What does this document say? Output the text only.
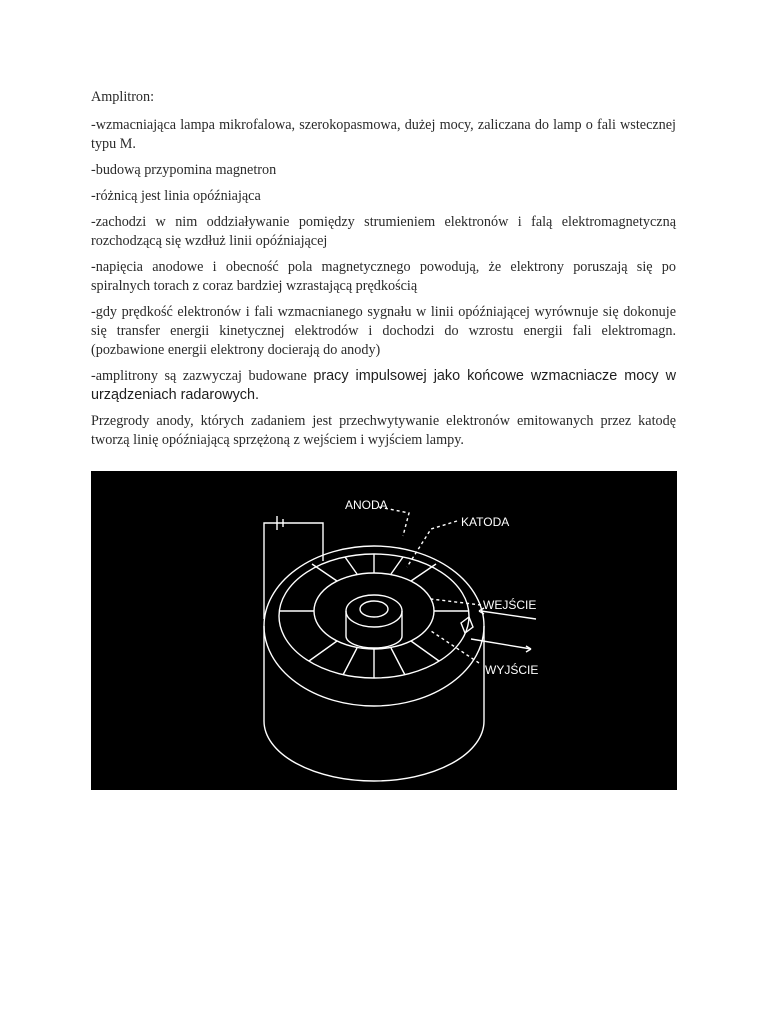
Amplitron:

-wzmacniająca lampa mikrofalowa, szerokopasmowa, dużej mocy, zaliczana do lamp o fali wstecznej typu M.

-budową przypomina magnetron

-różnicą jest linia opóźniająca

-zachodzi w nim oddziaływanie pomiędzy strumieniem elektronów i falą elektromagnetyczną rozchodzącą się wzdłuż linii opóźniającej

-napięcia anodowe i obecność pola magnetycznego powodują, że elektrony poruszają się po spiralnych torach z coraz bardziej wzrastającą prędkością

-gdy prędkość elektronów i fali wzmacnianego sygnału w linii opóźniającej wyrównuje się dokonuje się transfer energii kinetycznej elektrodów i dochodzi do wzrostu energii fali elektromagn. (pozbawione energii elektrony docierają do anody)

-amplitrony są zazwyczaj budowane pracy impulsowej jako końcowe wzmacniacze mocy w urządzeniach radarowych.

Przegrody anody, których zadaniem jest przechwytywanie elektronów emitowanych przez katodę tworzą linię opóźniającą sprzężoną z wejściem i wyjściem lampy.

ANODA
KATODA
WEJŚCIE
WYJŚCIE
